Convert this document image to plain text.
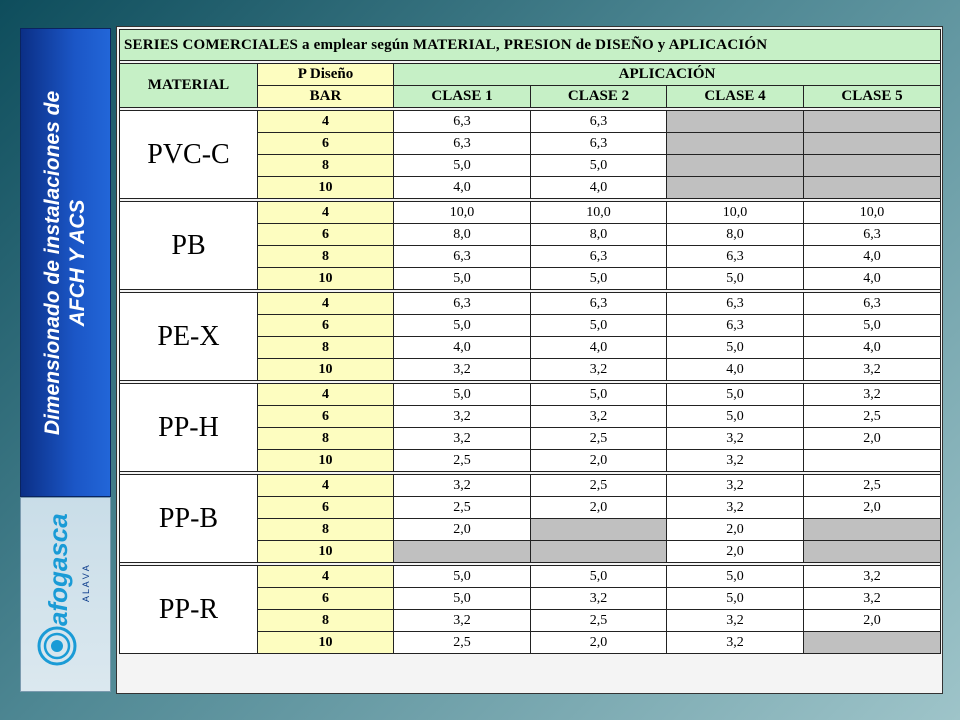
Dimensionado de instalaciones de AFCH Y ACS
afogasca A L A V A
SERIES COMERCIALES a emplear según MATERIAL, PRESION de DISEÑO y APLICACIÓN					

MATERIAL	P Diseño	APLICACIÓN			
	BAR	CLASE 1	CLASE 2	CLASE 4	CLASE 5

PVC-C	4	6,3	6,3		
	6	6,3	6,3		
	8	5,0	5,0		
	10	4,0	4,0		

PB	4	10,0	10,0	10,0	10,0
	6	8,0	8,0	8,0	6,3
	8	6,3	6,3	6,3	4,0
	10	5,0	5,0	5,0	4,0

PE-X	4	6,3	6,3	6,3	6,3
	6	5,0	5,0	6,3	5,0
	8	4,0	4,0	5,0	4,0
	10	3,2	3,2	4,0	3,2

PP-H	4	5,0	5,0	5,0	3,2
	6	3,2	3,2	5,0	2,5
	8	3,2	2,5	3,2	2,0
	10	2,5	2,0	3,2	

PP-B	4	3,2	2,5	3,2	2,5
	6	2,5	2,0	3,2	2,0
	8	2,0		2,0	
	10			2,0	

PP-R	4	5,0	5,0	5,0	3,2
	6	5,0	3,2	5,0	3,2
	8	3,2	2,5	3,2	2,0
	10	2,5	2,0	3,2	
